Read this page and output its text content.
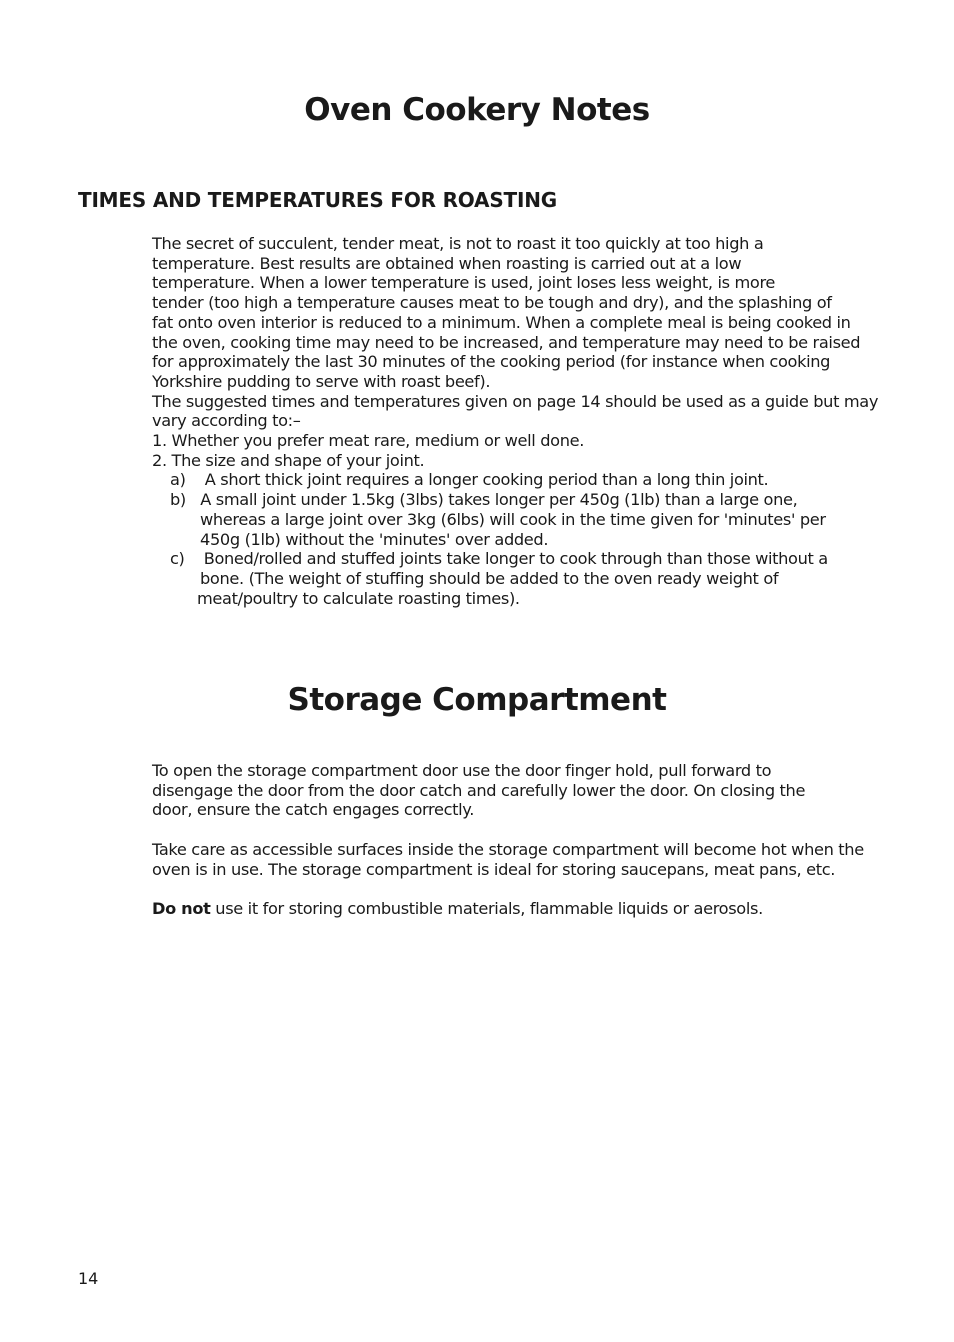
Oven Cookery Notes
TIMES AND TEMPERATURES FOR ROASTING
The secret of succulent, tender meat, is not to roast it too quickly at too high a
temperature. Best results are obtained when roasting is carried out at a low
temperature. When a lower temperature is used, joint loses less weight, is more
tender (too high a temperature causes meat to be tough and dry), and the splashing of
fat onto oven interior is reduced to a minimum. When a complete meal is being cooked in
the oven, cooking time may need to be increased, and temperature may need to be raised
for approximately the last 30 minutes of the cooking period (for instance when cooking
Yorkshire pudding to serve with roast beef).
The suggested times and temperatures given on page 14 should be used as a guide but may
vary according to:–
1. Whether you prefer meat rare, medium or well done.
2. The size and shape of your joint.
a)    A short thick joint requires a longer cooking period than a long thin joint.
b)   A small joint under 1.5kg (3lbs) takes longer per 450g (1lb) than a large one,
whereas a large joint over 3kg (6lbs) will cook in the time given for 'minutes' per
450g (1lb) without the 'minutes' over added.
c)    Boned/rolled and stuffed joints take longer to cook through than those without a
bone. (The weight of stuffing should be added to the oven ready weight of
meat/poultry to calculate roasting times).
Storage Compartment
To open the storage compartment door use the door finger hold, pull forward to
disengage the door from the door catch and carefully lower the door. On closing the
door, ensure the catch engages correctly.
Take care as accessible surfaces inside the storage compartment will become hot when the
oven is in use. The storage compartment is ideal for storing saucepans, meat pans, etc.
Do not use it for storing combustible materials, flammable liquids or aerosols.
14
